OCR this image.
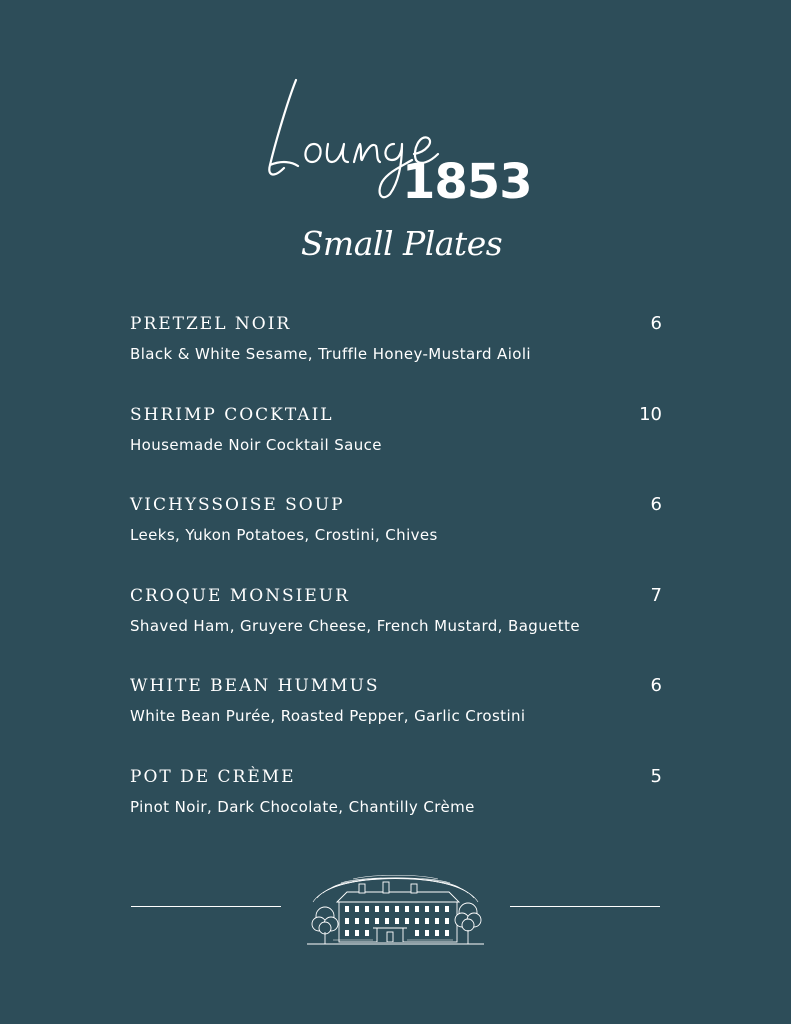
1853
Small Plates
PRETZEL NOIR	6
Black & White Sesame, Truffle Honey-Mustard Aioli
SHRIMP COCKTAIL	10
Housemade Noir Cocktail Sauce
VICHYSSOISE SOUP	6
Leeks, Yukon Potatoes, Crostini, Chives
CROQUE MONSIEUR	7
Shaved Ham, Gruyere Cheese, French Mustard, Baguette
WHITE BEAN HUMMUS	6
White Bean Purée, Roasted Pepper, Garlic Crostini
POT DE CRÈME	5
Pinot Noir, Dark Chocolate, Chantilly Crème
